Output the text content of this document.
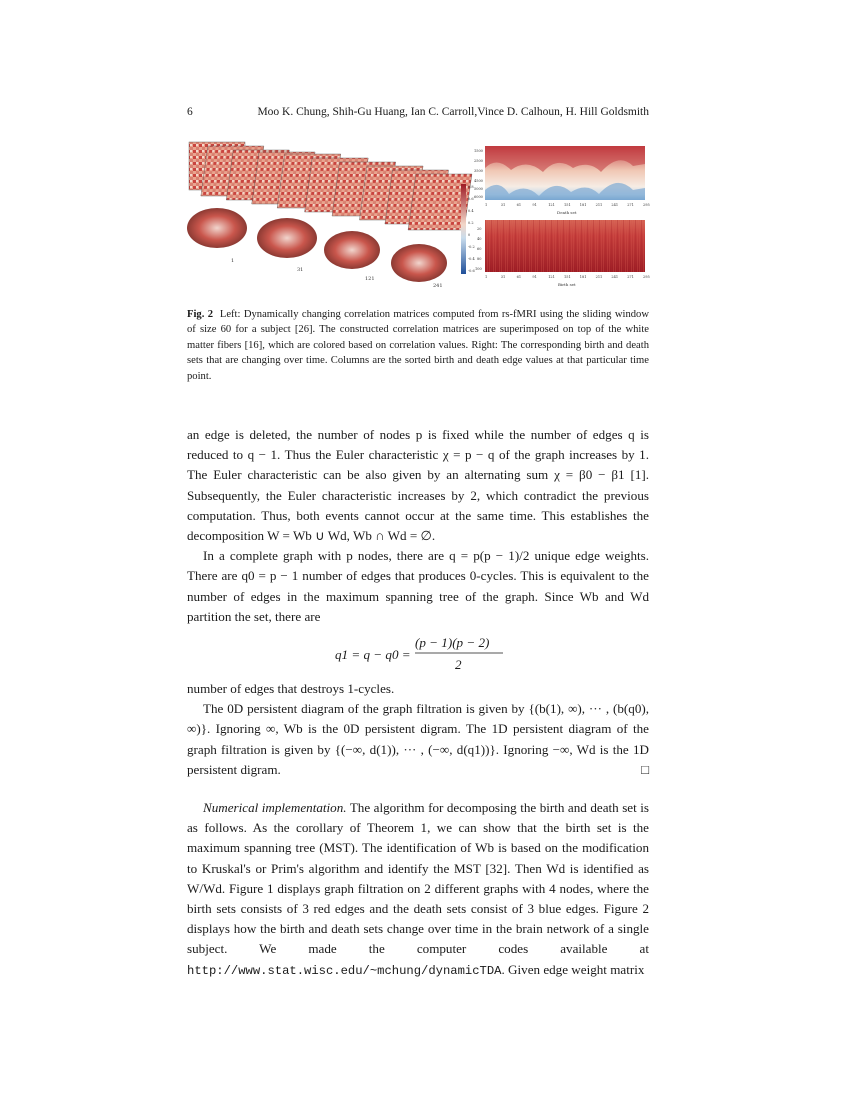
6	Moo K. Chung, Shih-Gu Huang, Ian C. Carroll,Vince D. Calhoun, H. Hill Goldsmith
1
31
121
241
0.8
0.6
0.4
0.2
0
-0.2
-0.4
-0.6
1500
2500
3500
4500
5000
6000
1	31	61	91	121	151	181	211	241	271	295
Death set
20
40
60
80
100
1	31	61	91	121	151	181	211	241	271	295
Birth set
Fig. 2 Left: Dynamically changing correlation matrices computed from rs-fMRI using the sliding window of size 60 for a subject [26]. The constructed correlation matrices are superimposed on top of the white matter fibers [16], which are colored based on correlation values. Right: The corresponding birth and death sets that are changing over time. Columns are the sorted birth and death edge values at that particular time point.

an edge is deleted, the number of nodes p is fixed while the number of edges q is reduced to q − 1. Thus the Euler characteristic χ = p − q of the graph increases by 1. The Euler characteristic can be also given by an alternating sum χ = β0 − β1 [1]. Subsequently, the Euler characteristic increases by 2, which contradict the previous computation. Thus, both events cannot occur at the same time. This establishes the decomposition W = Wb ∪ Wd, Wb ∩ Wd = ∅.

In a complete graph with p nodes, there are q = p(p − 1)/2 unique edge weights. There are q0 = p − 1 number of edges that produces 0-cycles. This is equivalent to the number of edges in the maximum spanning tree of the graph. Since Wb and Wd partition the set, there are

q1 = q − q0 =
(p − 1)(p − 2)
2

number of edges that destroys 1-cycles.

The 0D persistent diagram of the graph filtration is given by {(b(1), ∞), ··· , (b(q0), ∞)}. Ignoring ∞, Wb is the 0D persistent digram. The 1D persistent diagram of the graph filtration is given by {(−∞, d(1)), ··· , (−∞, d(q1))}. Ignoring −∞, Wd is the 1D persistent digram.	□

Numerical implementation. The algorithm for decomposing the birth and death set is as follows. As the corollary of Theorem 1, we can show that the birth set is the maximum spanning tree (MST). The identification of Wb is based on the modification to Kruskal's or Prim's algorithm and identify the MST [32]. Then Wd is identified as W/Wd. Figure 1 displays graph filtration on 2 different graphs with 4 nodes, where the birth sets consists of 3 red edges and the death sets consist of 3 blue edges. Figure 2 displays how the birth and death sets change over time in the brain network of a single subject. We made the computer codes available at http://www.stat.wisc.edu/~mchung/dynamicTDA. Given edge weight matrix
